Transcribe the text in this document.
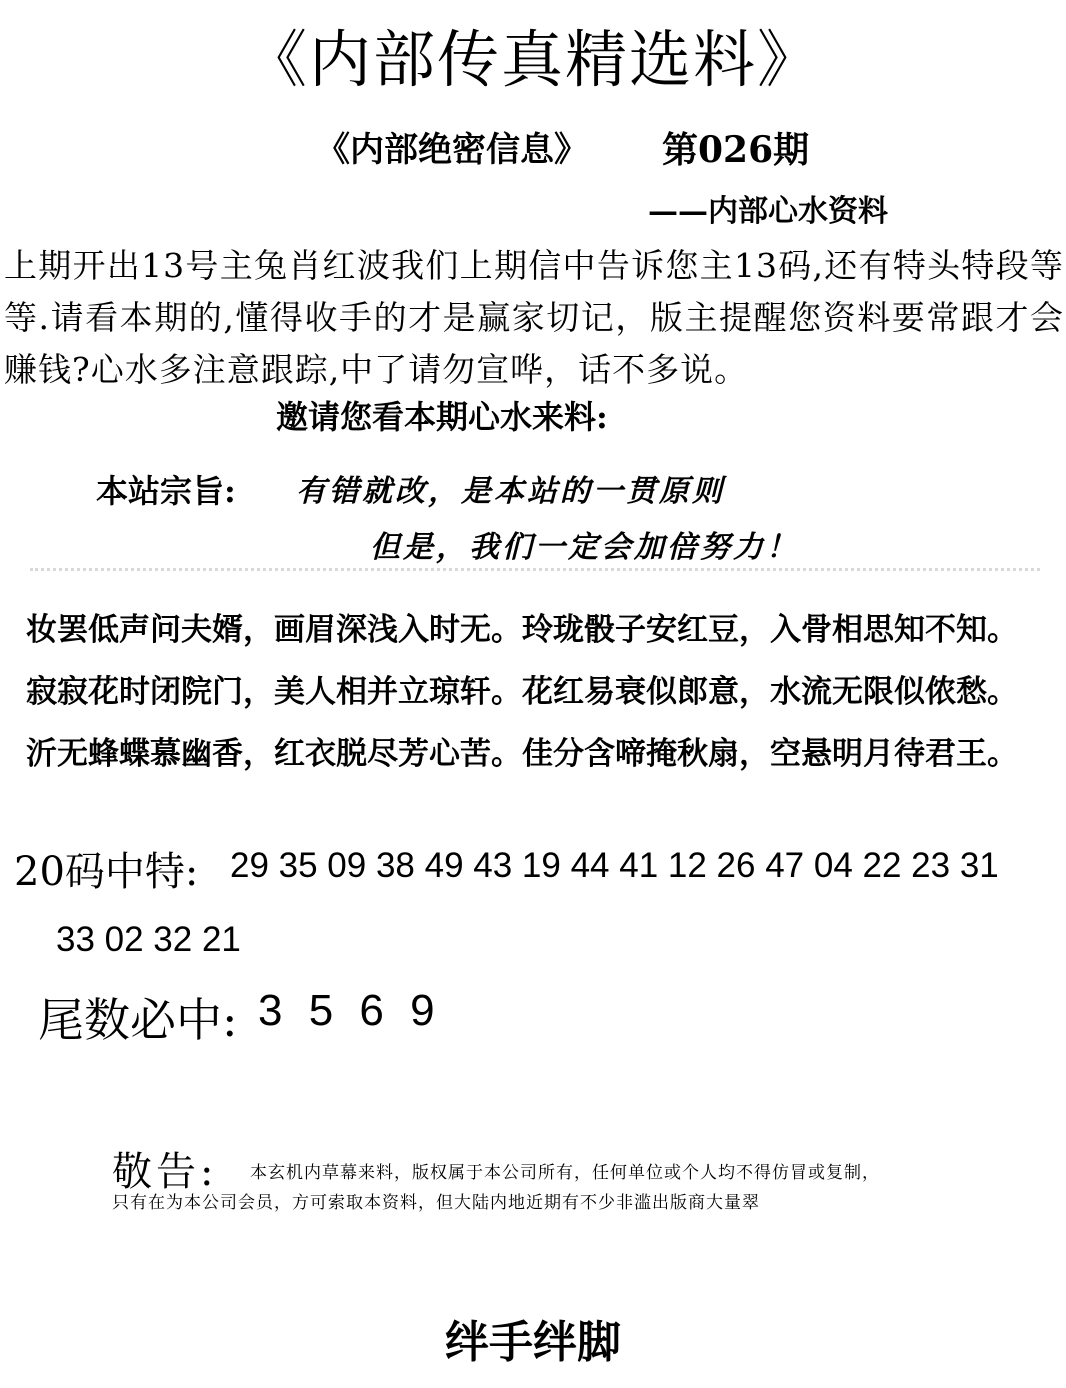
《内部传真精选料》
《内部绝密信息》 第026期
——内部心水资料
上期开出13号主兔肖红波我们上期信中告诉您主13码,还有特头特段等等.请看本期的,懂得收手的才是赢家切记，版主提醒您资料要常跟才会赚钱?心水多注意跟踪,中了请勿宣哗，话不多说。
邀请您看本期心水来料:
本站宗旨: 有错就改，是本站的一贯原则
但是，我们一定会加倍努力！
妆罢低声问夫婿，画眉深浅入时无。玲珑骰子安红豆，入骨相思知不知。
寂寂花时闭院门，美人相并立琼轩。花红易衰似郎意，水流无限似侬愁。
沂无蜂蝶慕幽香，红衣脱尽芳心苦。佳分含啼掩秋扇，空悬明月待君王。
20码中特: 29 35 09 38 49 43 19 44 41 12 26 47 04 22 23 31
33 02 32 21
尾数必中: 3 5 6 9
敬告: 本玄机内草幕来料，版权属于本公司所有，任何单位或个人均不得仿冒或复制，
只有在为本公司会员，方可索取本资料，但大陆内地近期有不少非滥出版商大量翠
绊手绊脚
